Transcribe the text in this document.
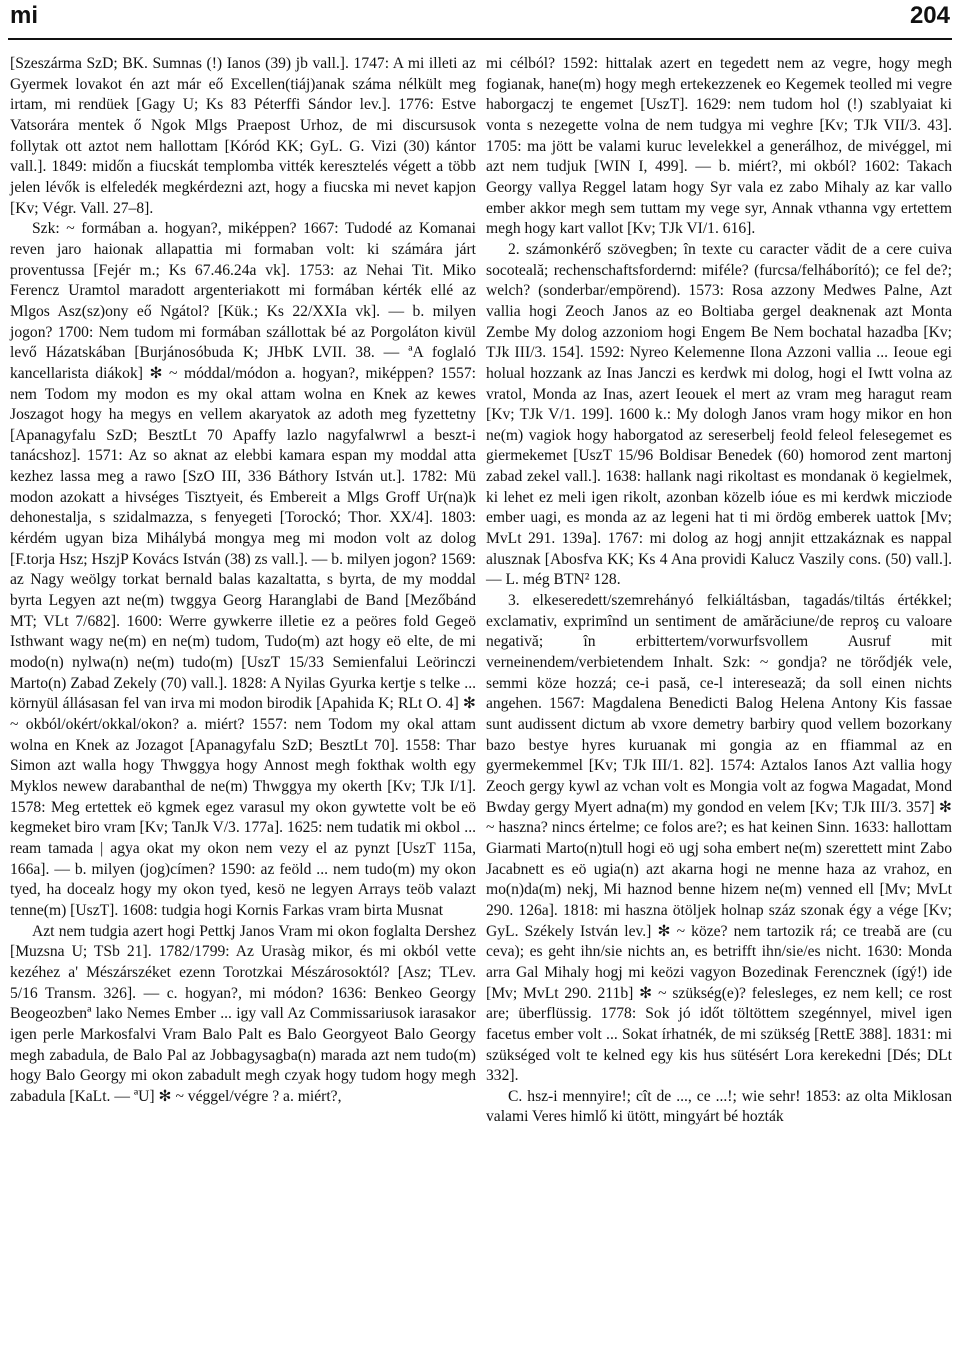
mi	204

[Szeszárma SzD; BK. Sumnas (!) Ianos (39) jb vall.]. 1747: A mi illeti az Gyermek lovakot én azt már eő Excellen(tiáj)anak száma nélkült meg irtam, mi rendüek [Gagy U; Ks 83 Péterffi Sándor lev.]. 1776: Estve Vatsorára mentek ő Ngok Mlgs Praepost Urhoz, de mi discursusok follytak ott aztot nem hallottam [Kóród KK; GyL. G. Vizi (30) kántor vall.]. 1849: midőn a fiucskát templomba vitték keresztelés végett a több jelen lévők is elfeledék megkérdezni azt, hogy a fiucska mi nevet kapjon [Kv; Végr. Vall. 27–8].

Szk: ~ formában a. hogyan?, miképpen? 1667: Tudodé az Komanai reven jaro haionak allapattia mi formaban volt: ki számára járt proventussa [Fejér m.; Ks 67.46.24a vk]. 1753: az Nehai Tit. Miko Ferencz Uramtol maradott argenteriakott mi formában kérték ellé az Mlgos Asz(sz)ony eő Ngátol? [Kük.; Ks 22/XXIa vk]. — b. milyen jogon? 1700: Nem tudom mi formában szállottak bé az Porgoláton kivül levő Házatskában [Burjánosóbuda K; JHbK LVII. 38. — ªA foglaló kancellarista diákok] ✻ ~ móddal/módon a. hogyan?, miképpen? 1557: nem Todom my modon es my okal attam wolna en Knek az kewes Joszagot hogy ha megys en vellem akaryatok az adoth meg fyzettetny [Apanagyfalu SzD; BesztLt 70 Apaffy lazlo nagyfalwrwl a beszt-i tanácshoz]. 1571: Az so aknat az elebbi kamara espan my moddal atta kezhez lassa meg a rawo [SzO III, 336 Báthory István ut.]. 1782: Mü modon azokatt a hivséges Tisztyeit, és Embereit a Mlgs Groff Ur(na)k dehonestalja, s szidalmazza, s fenyegeti [Torockó; Thor. XX/4]. 1803: kérdém ugyan biza Mihálybá mongya meg mi modon volt az dolog [F.torja Hsz; HszjP Kovács István (38) zs vall.]. — b. milyen jogon? 1569: az Nagy weölgy torkat bernald balas kazaltatta, s byrta, de my moddal byrta Legyen azt ne(m) twggya Georg Haranglabi de Band [Mezőbánd MT; VLt 7/682]. 1600: Werre gywkerre illetie ez a peöres fold Gegeö Isthwant wagy ne(m) en ne(m) tudom, Tudo(m) azt hogy eö elte, de mi modo(n) nylwa(n) ne(m) tudo(m) [UszT 15/33 Semienfalui Leörinczi Marto(n) Zabad Zekely (70) vall.]. 1828: A Nyilas Gyurka kertje s telke ... környül állásasan fel van irva mi modon birodik [Apahida K; RLt O. 4] ✻ ~ okból/okért/okkal/okon? a. miért? 1557: nem Todom my okal attam wolna en Knek az Jozagot [Apanagyfalu SzD; BesztLt 70]. 1558: Thar Simon azt walla hogy Thwggya hogy Annost megh fokthak wolth egy Myklos newew darabanthal de ne(m) Thwggya my okerth [Kv; TJk I/1]. 1578: Meg ertettek eö kgmek egez varasul my okon gywtette volt be eö kegmeket biro vram [Kv; TanJk V/3. 177a]. 1625: nem tudatik mi okbol ... ream tamada | agya okat my okon nem vezy el az pynzt [UszT 115a, 166a]. — b. milyen (jog)címen? 1590: az feöld ... nem tudo(m) my okon tyed, ha docealz hogy my okon tyed, kesö ne legyen Arrays teöb valazt tenne(m) [UszT]. 1608: tudgia hogi Kornis Farkas vram birta Musnat

Azt nem tudgia azert hogi Pettkj Janos Vram mi okon foglalta Dershez [Muzsna U; TSb 21]. 1782/1799: Az Urasàg mikor, és mi okból vette kezéhez a' Mészárszéket ezenn Torotzkai Mészárosoktól? [Asz; TLev. 5/16 Transm. 326]. — c. hogyan?, mi módon? 1636: Benkeo Georgy Beogeozbenª lako Nemes Ember ... igy vall Az Commissariusok iarasakor igen perle Markosfalvi Vram Balo Palt es Balo Georgyeot Balo Georgy megh zabadula, de Balo Pal az Jobbagysagba(n) marada azt nem tudo(m) hogy Balo Georgy mi okon zabadult megh czyak hogy tudom hogy megh zabadula [KaLt. — ªU] ✻ ~ véggel/végre ? a. miért?,

mi célból? 1592: hittalak azert en tegedett nem az vegre, hogy megh fogianak, hane(m) hogy megh ertekezzenek eo Kegemek teolled mi vegre haborgaczj te engemet [UszT]. 1629: nem tudom hol (!) szablyaiat ki vonta s nezegette volna de nem tudgya mi veghre [Kv; TJk VII/3. 43]. 1705: ma jött be valami kuruc levelekkel a generálhoz, de mivéggel, mi azt nem tudjuk [WIN I, 499]. — b. miért?, mi okból? 1602: Takach Georgy vallya Reggel latam hogy Syr vala ez zabo Mihaly az kar vallo ember akkor megh sem tuttam my vege syr, Annak vthanna vgy ertettem megh hogy kart vallot [Kv; TJk VI/1. 616].

2. számonkérő szövegben; în texte cu caracter vădit de a cere cuiva socoteală; rechenschaftsfordernd: miféle? (furcsa/felháborító); ce fel de?; welch? (sonderbar/empörend). 1573: Rosa azzony Medwes Palne, Azt vallia hogi Zeoch Janos az eo Boltiaba gergel deaknenak azt Monta Zembe My dolog azzoniom hogi Engem Be Nem bochatal hazadba [Kv; TJk III/3. 154]. 1592: Nyreo Kelemenne Ilona Azzoni vallia ... Ieoue egi holual hozzank az Inas Janczi es kerdwk mi dolog, hogi el Iwtt volna az vratol, Monda az Inas, azert Ieouek el mert az vram meg haragut ream [Kv; TJk V/1. 199]. 1600 k.: My dologh Janos vram hogy mikor en hon ne(m) vagiok hogy haborgatod az sereserbelj feold feleol felesegemet es giermekemet [UszT 15/96 Boldisar Benedek (60) homorod zent martonj zabad zekel vall.]. 1638: hallank nagi rikoltast es mondanak ö kegielmek, ki lehet ez meli igen rikolt, azonban közelb ióue es mi kerdwk micziode ember uagi, es monda az az legeni hat ti mi ördög emberek uattok [Mv; MvLt 291. 139a]. 1767: mi dolog az hogj annjit ettzakáznak es nappal alusznak [Abosfva KK; Ks 4 Ana providi Kalucz Vaszily cons. (50) vall.]. — L. még BTN² 128.

3. elkeseredett/szemrehányó felkiáltásban, tagadás/tiltás értékkel; exclamativ, exprimînd un sentiment de amărăciune/de reproş cu valoare negativă; în erbittertem/vorwurfsvollem Ausruf mit verneinendem/verbietendem Inhalt. Szk: ~ gondja? ne törődjék vele, semmi köze hozzá; ce-i pasă, ce-l interesează; da soll einen nichts angehen. 1567: Magdalena Benedicti Balog Helena Antony Kis fassae sunt audissent dictum ab vxore demetry barbiry quod vellem bozorkany bazo bestye hyres kuruanak mi gongia az en ffiammal az en gyermekemmel [Kv; TJk III/1. 82]. 1574: Aztalos Ianos Azt vallia hogy Zeoch gergy kywl az vchan volt es Mongia volt az fogwa Magadat, Mond Bwday gergy Myert adna(m) my gondod en velem [Kv; TJk III/3. 357] ✻ ~ haszna? nincs értelme; ce folos are?; es hat keinen Sinn. 1633: hallottam Giarmati Marto(n)tull hogi eö ugj soha embert ne(m) szerettett mint Zabo Jacabnett es eö ugia(n) azt akarna hogi ne menne haza az vrahoz, en mo(n)da(m) nekj, Mi haznod benne hizem ne(m) venned ell [Mv; MvLt 290. 126a]. 1818: mi haszna ötöljek holnap száz szonak égy a vége [Kv; GyL. Székely István lev.] ✻ ~ köze? nem tartozik rá; ce treabă are (cu ceva); es geht ihn/sie nichts an, es betrifft ihn/sie/es nicht. 1630: Monda arra Gal Mihaly hogj mi keözi vagyon Bozedinak Ferencznek (ígý!) ide [Mv; MvLt 290. 211b] ✻ ~ szükség(e)? felesleges, ez nem kell; ce rost are; überflüssig. 1778: Sok jó időt töltöttem szegénnyel, mivel igen facetus ember volt ... Sokat írhatnék, de mi szükség [RettE 388]. 1831: mi szükséged volt te kelned egy kis hus sütésért Lora kerekedni [Dés; DLt 332].

C. hsz-i mennyire!; cît de ..., ce ...!; wie sehr! 1853: az olta Miklosan valami Veres himlő ki ütött, mingyárt bé hozták
